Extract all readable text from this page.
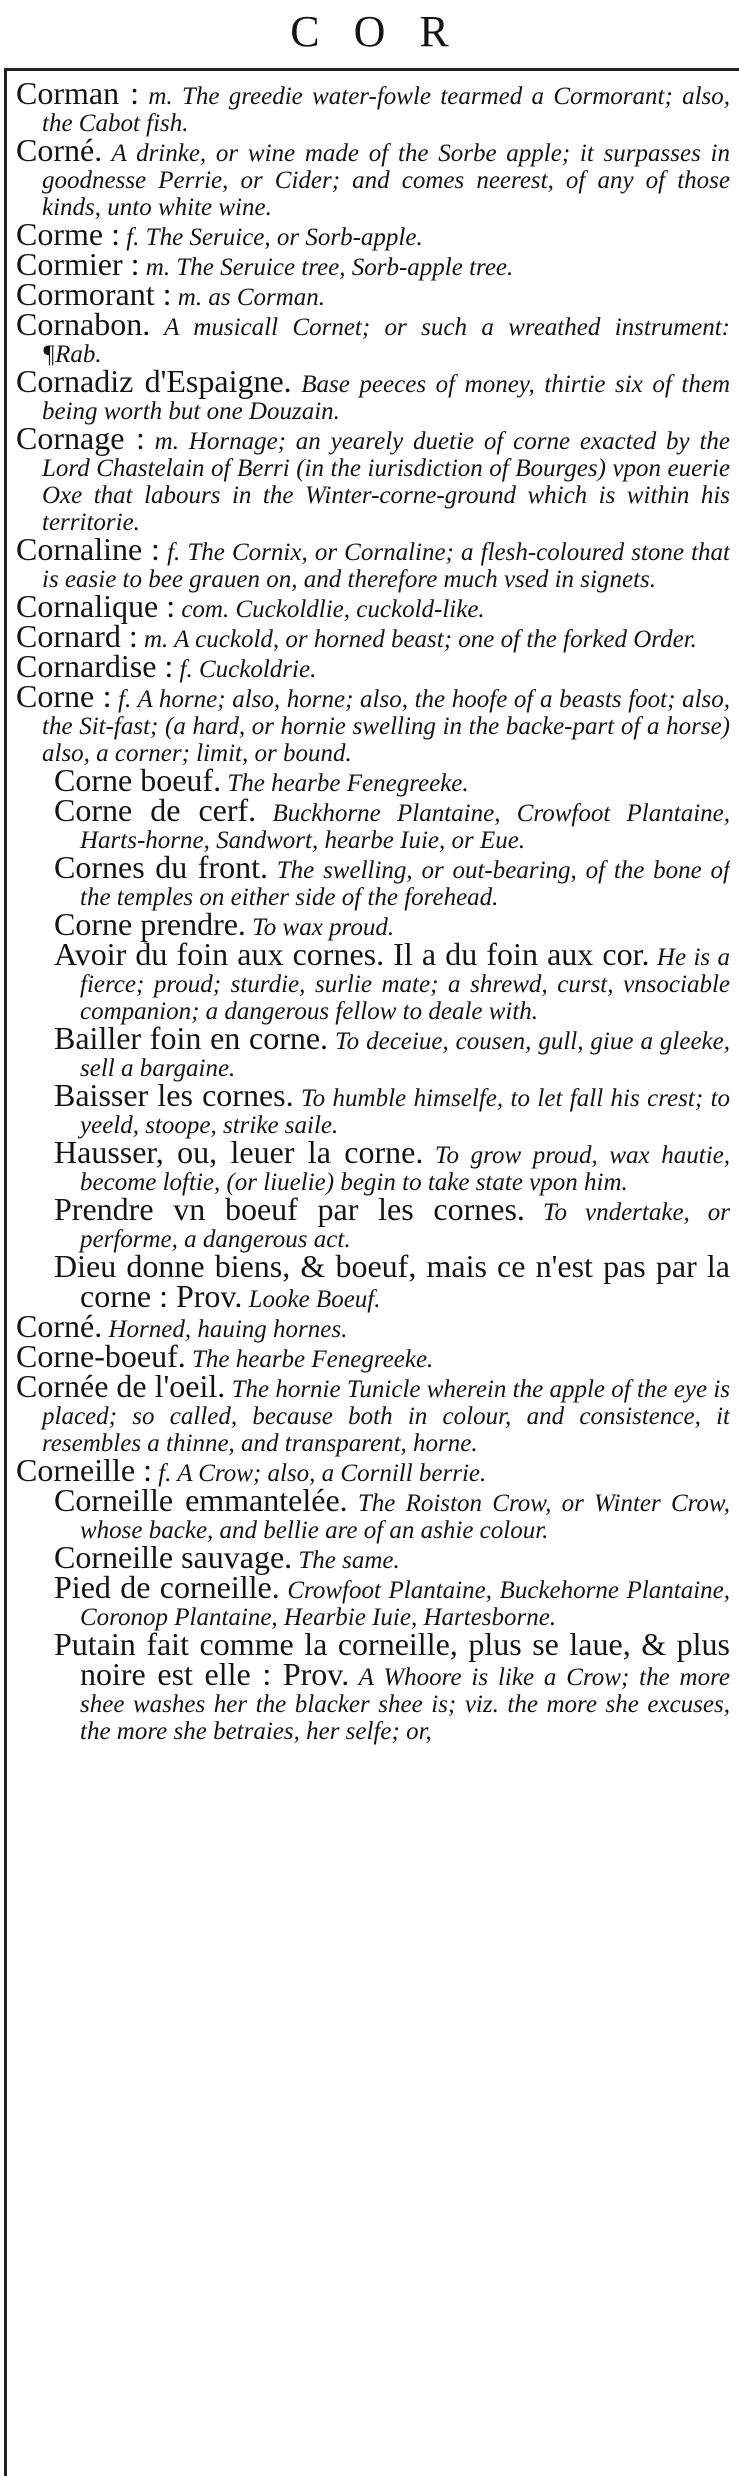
COR

Corman : m. The greedie water-fowle tearmed a Cormorant; also, the Cabot fish.

Corné. A drinke, or wine made of the Sorbe apple; it surpasses in goodnesse Perrie, or Cider; and comes neerest, of any of those kinds, unto white wine.

Corme : f. The Seruice, or Sorb-apple.

Cormier : m. The Seruice tree, Sorb-apple tree.

Cormorant : m. as Corman.

Cornabon. A musicall Cornet; or such a wreathed instrument: ¶Rab.

Cornadiz d'Espaigne. Base peeces of money, thirtie six of them being worth but one Douzain.

Cornage : m. Hornage; an yearely duetie of corne exacted by the Lord Chastelain of Berri (in the iurisdiction of Bourges) vpon euerie Oxe that labours in the Winter-corne-ground which is within his territorie.

Cornaline : f. The Cornix, or Cornaline; a flesh-coloured stone that is easie to bee grauen on, and therefore much vsed in signets.

Cornalique : com. Cuckoldlie, cuckold-like.

Cornard : m. A cuckold, or horned beast; one of the forked Order.

Cornardise : f. Cuckoldrie.

Corne : f. A horne; also, horne; also, the hoofe of a beasts foot; also, the Sit-fast; (a hard, or hornie swelling in the backe-part of a horse) also, a corner; limit, or bound.

Corne boeuf. The hearbe Fenegreeke.

Corne de cerf. Buckhorne Plantaine, Crowfoot Plantaine, Harts-horne, Sandwort, hearbe Iuie, or Eue.

Cornes du front. The swelling, or out-bearing, of the bone of the temples on either side of the forehead.

Corne prendre. To wax proud.

Avoir du foin aux cornes. Il a du foin aux cor. He is a fierce; proud; sturdie, surlie mate; a shrewd, curst, vnsociable companion; a dangerous fellow to deale with.

Bailler foin en corne. To deceiue, cousen, gull, giue a gleeke, sell a bargaine.

Baisser les cornes. To humble himselfe, to let fall his crest; to yeeld, stoope, strike saile.

Hausser, ou, leuer la corne. To grow proud, wax hautie, become loftie, (or liuelie) begin to take state vpon him.

Prendre vn boeuf par les cornes. To vndertake, or performe, a dangerous act.

Dieu donne biens, & boeuf, mais ce n'est pas par la corne : Prov. Looke Boeuf.

Corné. Horned, hauing hornes.

Corne-boeuf. The hearbe Fenegreeke.

Cornée de l'oeil. The hornie Tunicle wherein the apple of the eye is placed; so called, because both in colour, and consistence, it resembles a thinne, and transparent, horne.

Corneille : f. A Crow; also, a Cornill berrie.

Corneille emmantelée. The Roiston Crow, or Winter Crow, whose backe, and bellie are of an ashie colour.

Corneille sauvage. The same.

Pied de corneille. Crowfoot Plantaine, Buckehorne Plantaine, Coronop Plantaine, Hearbie Iuie, Hartesborne.

Putain fait comme la corneille, plus se laue, & plus noire est elle : Prov. A Whoore is like a Crow; the more shee washes her the blacker shee is; viz. the more she excuses, the more she betraies, her selfe; or,
